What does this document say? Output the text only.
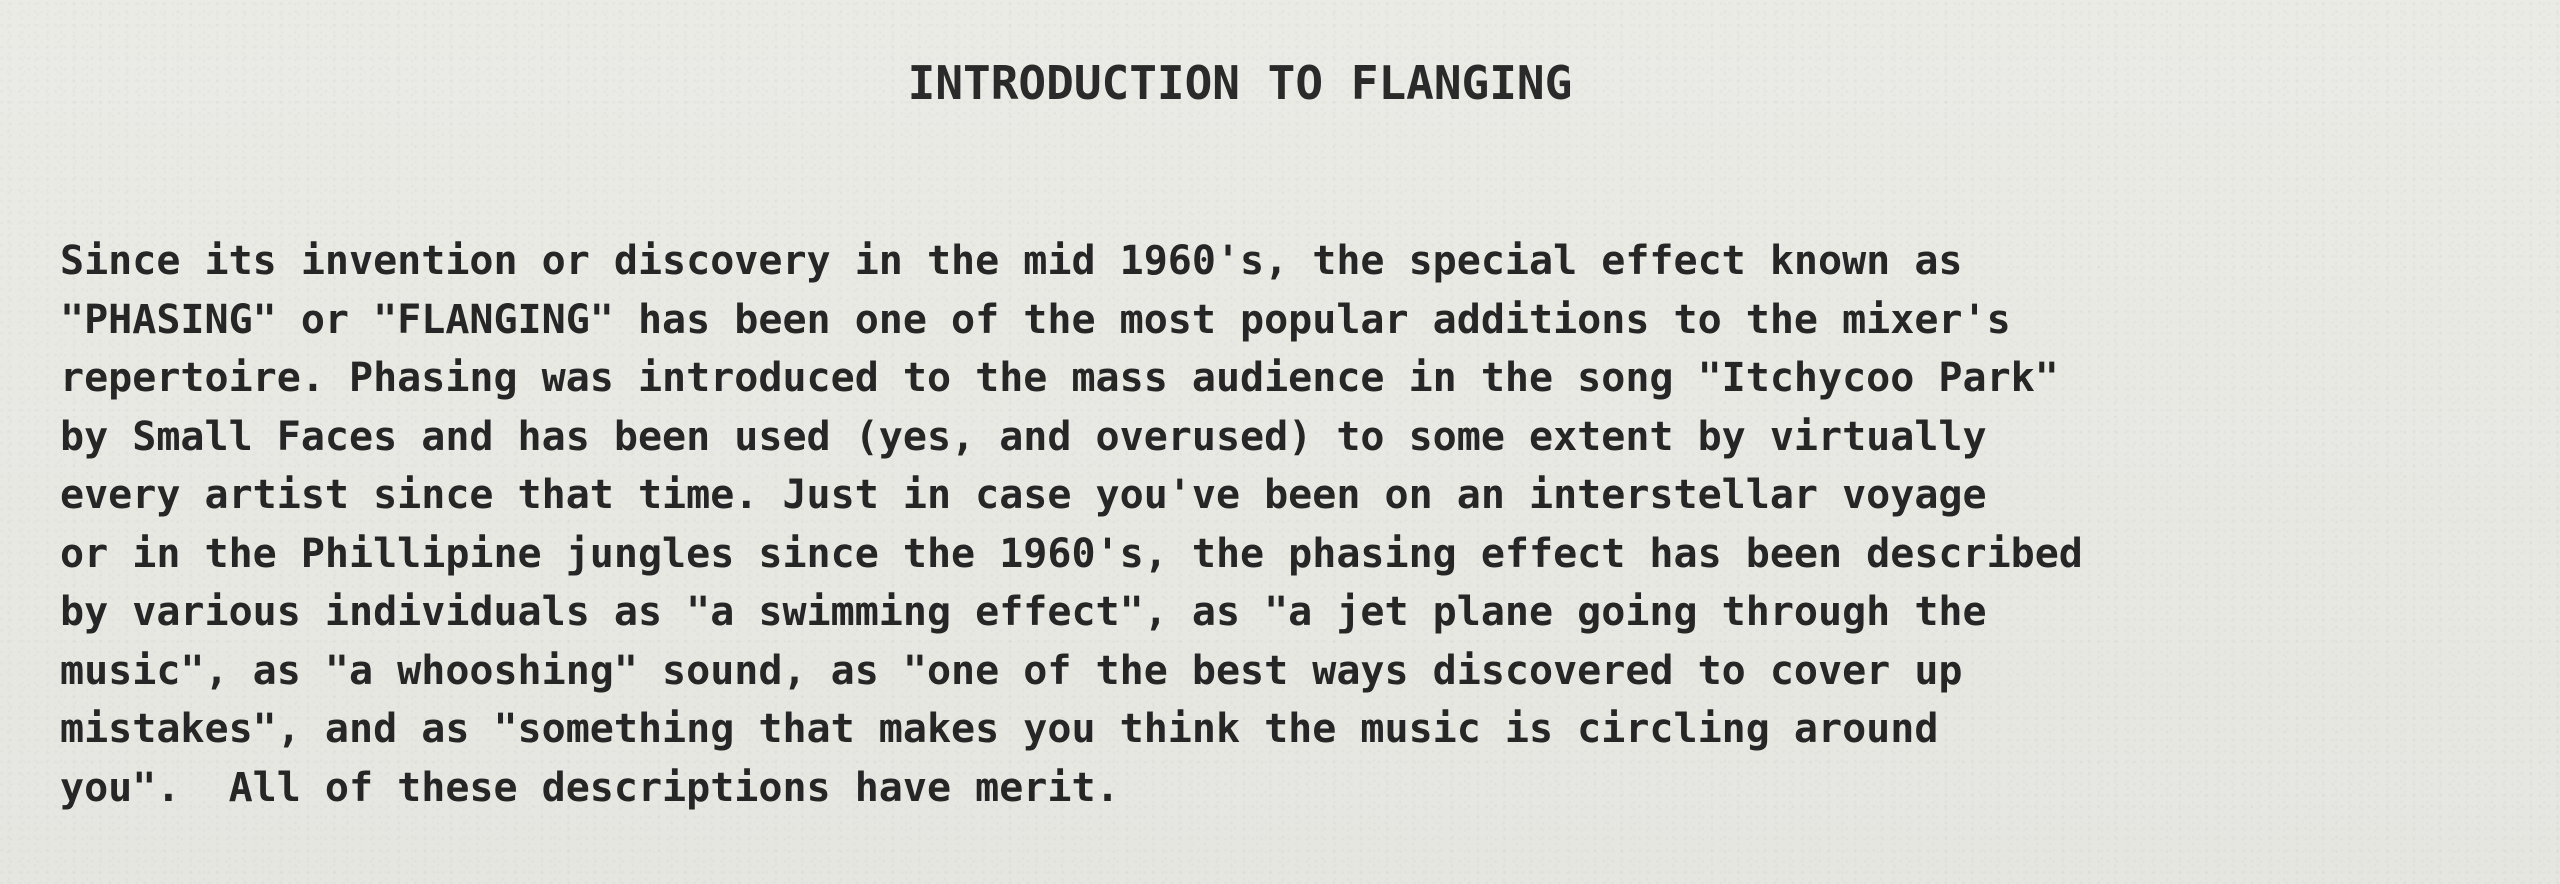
INTRODUCTION TO FLANGING
Since its invention or discovery in the mid 1960's, the special effect known as
"PHASING" or "FLANGING" has been one of the most popular additions to the mixer's
repertoire. Phasing was introduced to the mass audience in the song "Itchycoo Park"
by Small Faces and has been used (yes, and overused) to some extent by virtually
every artist since that time. Just in case you've been on an interstellar voyage
or in the Phillipine jungles since the 1960's, the phasing effect has been described
by various individuals as "a swimming effect", as "a jet plane going through the
music", as "a whooshing" sound, as "one of the best ways discovered to cover up
mistakes", and as "something that makes you think the music is circling around
you".  All of these descriptions have merit.
